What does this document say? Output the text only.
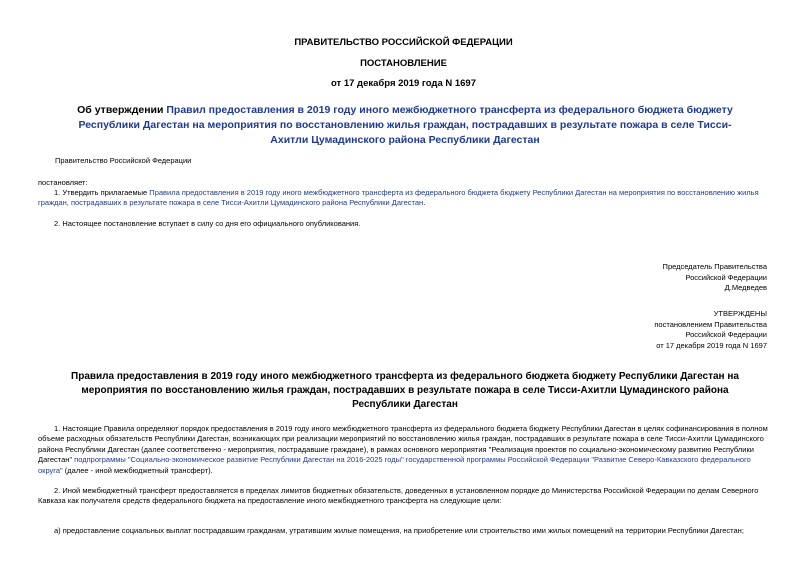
ПРАВИТЕЛЬСТВО РОССИЙСКОЙ ФЕДЕРАЦИИ
ПОСТАНОВЛЕНИЕ
от 17 декабря 2019 года N 1697
Об утверждении Правил предоставления в 2019 году иного межбюджетного трансферта из федерального бюджета бюджету Республики Дагестан на мероприятия по восстановлению жилья граждан, пострадавших в результате пожара в селе Тисси-Ахитли Цумадинского района Республики Дагестан
Правительство Российской Федерации
постановляет:
1. Утвердить прилагаемые Правила предоставления в 2019 году иного межбюджетного трансферта из федерального бюджета бюджету Республики Дагестан на мероприятия по восстановлению жилья граждан, пострадавших в результате пожара в селе Тисси-Ахитли Цумадинского района Республики Дагестан.
2. Настоящее постановление вступает в силу со дня его официального опубликования.
Председатель Правительства
Российской Федерации
Д.Медведев
УТВЕРЖДЕНЫ
постановлением Правительства
Российской Федерации
от 17 декабря 2019 года N 1697
Правила предоставления в 2019 году иного межбюджетного трансферта из федерального бюджета бюджету Республики Дагестан на мероприятия по восстановлению жилья граждан, пострадавших в результате пожара в селе Тисси-Ахитли Цумадинского района Республики Дагестан
1. Настоящие Правила определяют порядок предоставления в 2019 году иного межбюджетного трансферта из федерального бюджета бюджету Республики Дагестан в целях софинансирования в полном объеме расходных обязательств Республики Дагестан, возникающих при реализации мероприятий по восстановлению жилья граждан, пострадавших в результате пожара в селе Тисси-Ахитли Цумадинского района Республики Дагестан (далее соответственно - мероприятия, пострадавшие граждане), в рамках основного мероприятия "Реализация проектов по социально-экономическому развитию Республики Дагестан" подпрограммы "Социально-экономическое развитие Республики Дагестан на 2016-2025 годы" государственной программы Российской Федерации "Развитие Северо-Кавказского федерального округа" (далее - иной межбюджетный трансферт).
2. Иной межбюджетный трансферт предоставляется в пределах лимитов бюджетных обязательств, доведенных в установленном порядке до Министерства Российской Федерации по делам Северного Кавказа как получателя средств федерального бюджета на предоставление иного межбюджетного трансферта на следующие цели:
а) предоставление социальных выплат пострадавшим гражданам, утратившим жилые помещения, на приобретение или строительство ими жилых помещений на территории Республики Дагестан;
